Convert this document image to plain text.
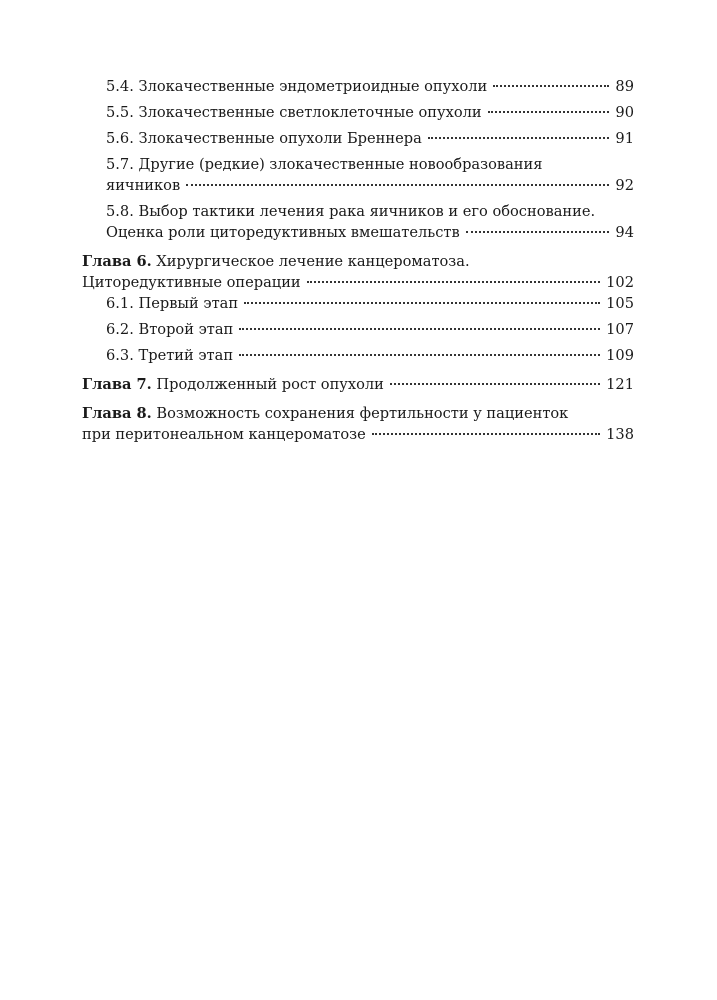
5.4. Злокачественные эндометриоидные опухоли	89
5.5. Злокачественные светлоклеточные опухоли	90
5.6. Злокачественные опухоли Бреннера	91
5.7. Другие (редкие) злокачественные новообразования
яичников	92
5.8. Выбор тактики лечения рака яичников и его обоснование.
Оценка роли циторедуктивных вмешательств	94
Глава 6. Хирургическое лечение канцероматоза.
Циторедуктивные операции	102
6.1. Первый этап	105
6.2. Второй этап	107
6.3. Третий этап	109
Глава 7. Продолженный рост опухоли	121
Глава 8. Возможность сохранения фертильности у пациенток
при перитонеальном канцероматозе	138
